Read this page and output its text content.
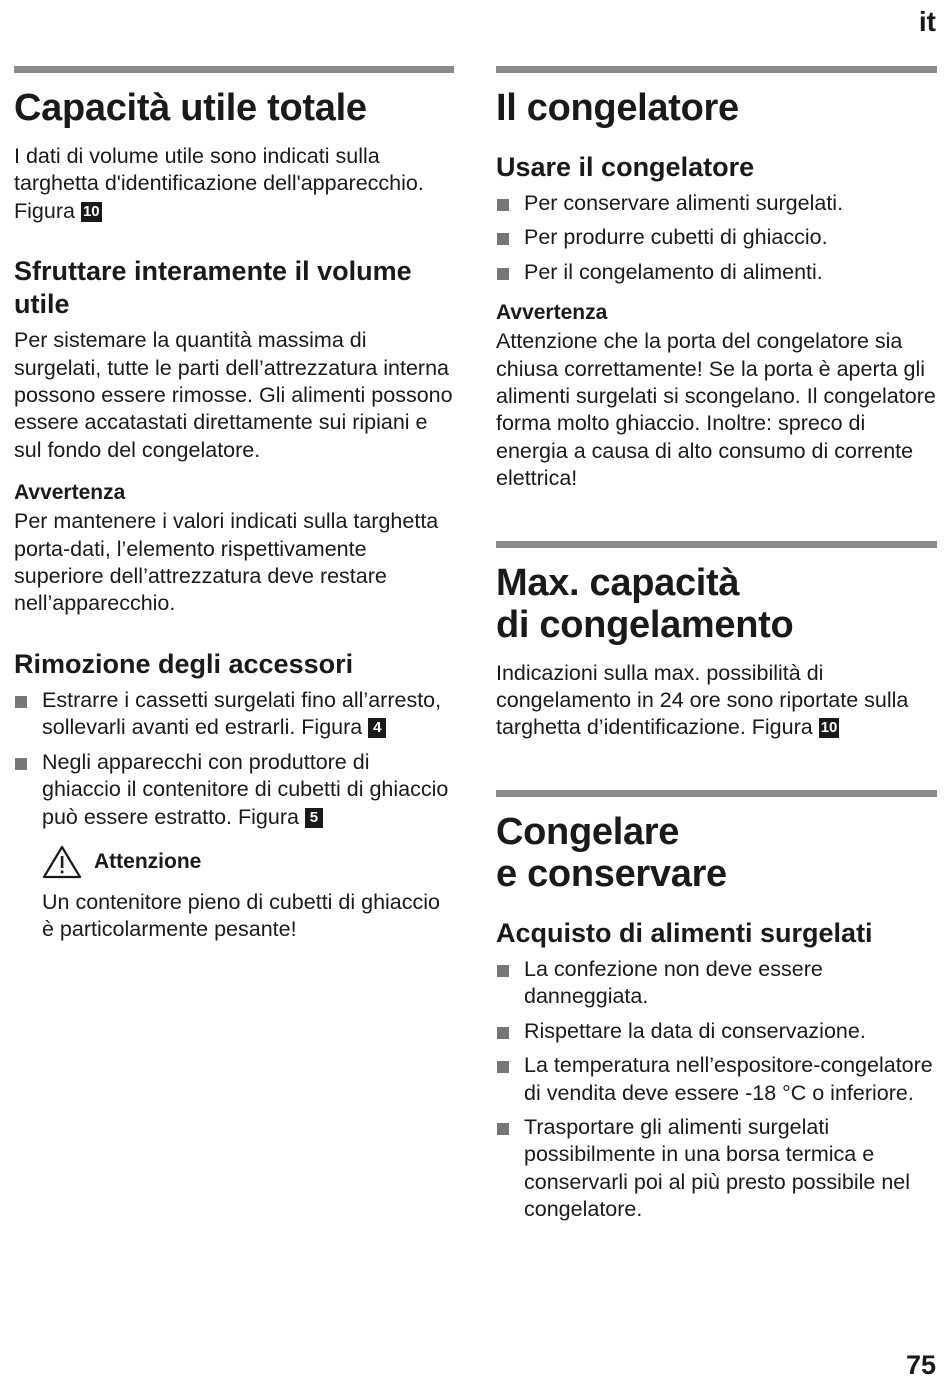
it
Capacità utile totale

I dati di volume utile sono indicati sulla targhetta d'identificazione dell'apparecchio. Figura 10

Sfruttare interamente il volume utile

Per sistemare la quantità massima di surgelati, tutte le parti dell’attrezzatura interna possono essere rimosse. Gli alimenti possono essere accatastati direttamente sui ripiani e sul fondo del congelatore.

Avvertenza

Per mantenere i valori indicati sulla targhetta porta-dati, l’elemento rispettivamente superiore dell’attrezzatura deve restare nell’apparecchio.

Rimozione degli accessori
Estrarre i cassetti surgelati fino all’arresto, sollevarli avanti ed estrarli. Figura 4
Negli apparecchi con produttore di ghiaccio il contenitore di cubetti di ghiaccio può essere estratto. Figura 5
Attenzione

Un contenitore pieno di cubetti di ghiaccio è particolarmente pesante!

Il congelatore
Usare il congelatore
Per conservare alimenti surgelati.
Per produrre cubetti di ghiaccio.
Per il congelamento di alimenti.
Avvertenza

Attenzione che la porta del congelatore sia chiusa correttamente! Se la porta è aperta gli alimenti surgelati si scongelano. Il congelatore forma molto ghiaccio. Inoltre: spreco di energia a causa di alto consumo di corrente elettrica!

Max. capacità
di congelamento

Indicazioni sulla max. possibilità di congelamento in 24 ore sono riportate sulla targhetta d’identificazione. Figura 10

Congelare
e conservare
Acquisto di alimenti surgelati
La confezione non deve essere danneggiata.
Rispettare la data di conservazione.
La temperatura nell’espositore-congelatore di vendita deve essere -18 °C o inferiore.
Trasportare gli alimenti surgelati possibilmente in una borsa termica e conservarli poi al più presto possibile nel congelatore.
75
